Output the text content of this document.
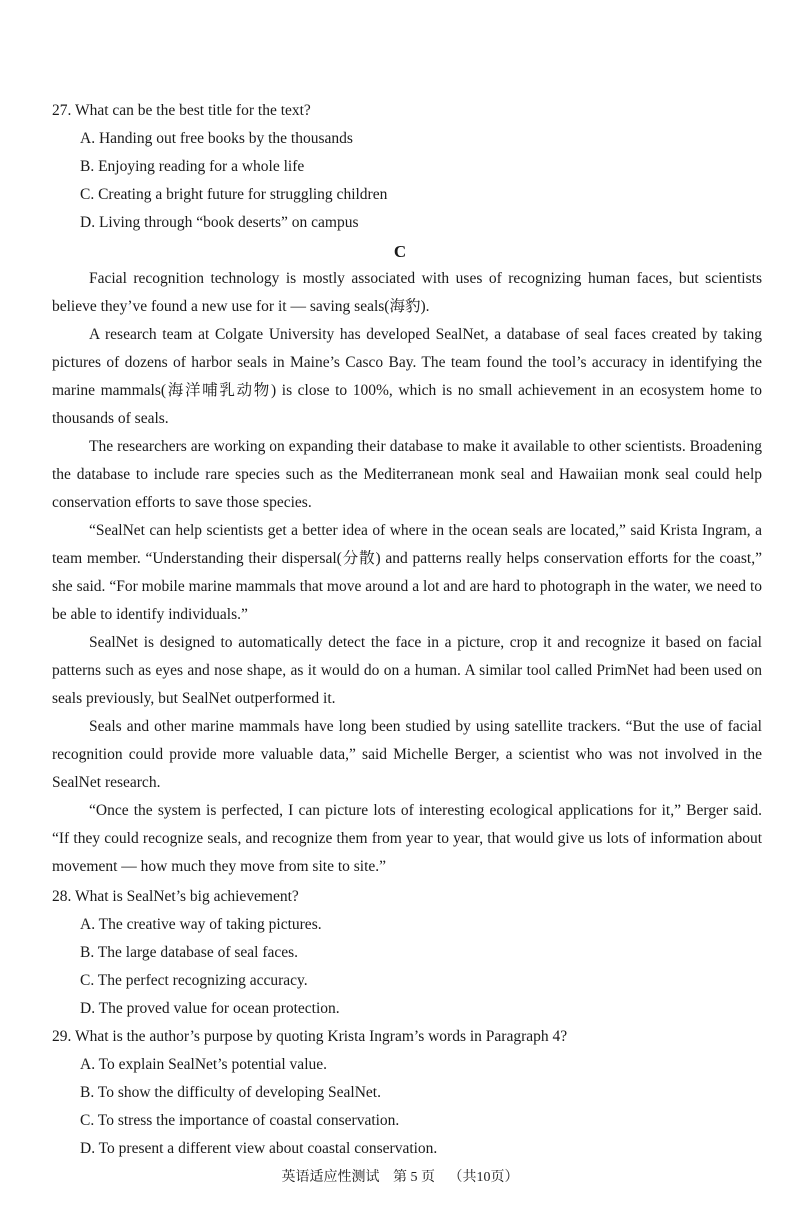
27. What can be the best title for the text?
A. Handing out free books by the thousands
B. Enjoying reading for a whole life
C. Creating a bright future for struggling children
D. Living through “book deserts” on campus
C

Facial recognition technology is mostly associated with uses of recognizing human faces, but scientists believe they’ve found a new use for it — saving seals(海豹).

A research team at Colgate University has developed SealNet, a database of seal faces created by taking pictures of dozens of harbor seals in Maine’s Casco Bay. The team found the tool’s accuracy in identifying the marine mammals(海洋哺乳动物) is close to 100%, which is no small achievement in an ecosystem home to thousands of seals.

The researchers are working on expanding their database to make it available to other scientists. Broadening the database to include rare species such as the Mediterranean monk seal and Hawaiian monk seal could help conservation efforts to save those species.

“SealNet can help scientists get a better idea of where in the ocean seals are located,” said Krista Ingram, a team member. “Understanding their dispersal(分散) and patterns really helps conservation efforts for the coast,” she said. “For mobile marine mammals that move around a lot and are hard to photograph in the water, we need to be able to identify individuals.”

SealNet is designed to automatically detect the face in a picture, crop it and recognize it based on facial patterns such as eyes and nose shape, as it would do on a human. A similar tool called PrimNet had been used on seals previously, but SealNet outperformed it.

Seals and other marine mammals have long been studied by using satellite trackers. “But the use of facial recognition could provide more valuable data,” said Michelle Berger, a scientist who was not involved in the SealNet research.

“Once the system is perfected, I can picture lots of interesting ecological applications for it,” Berger said. “If they could recognize seals, and recognize them from year to year, that would give us lots of information about movement — how much they move from site to site.”

28. What is SealNet’s big achievement?
A. The creative way of taking pictures.
B. The large database of seal faces.
C. The perfect recognizing accuracy.
D. The proved value for ocean protection.
29. What is the author’s purpose by quoting Krista Ingram’s words in Paragraph 4?
A. To explain SealNet’s potential value.
B. To show the difficulty of developing SealNet.
C. To stress the importance of coastal conservation.
D. To present a different view about coastal conservation.
英语适应性测试 第 5 页 （共10页）
